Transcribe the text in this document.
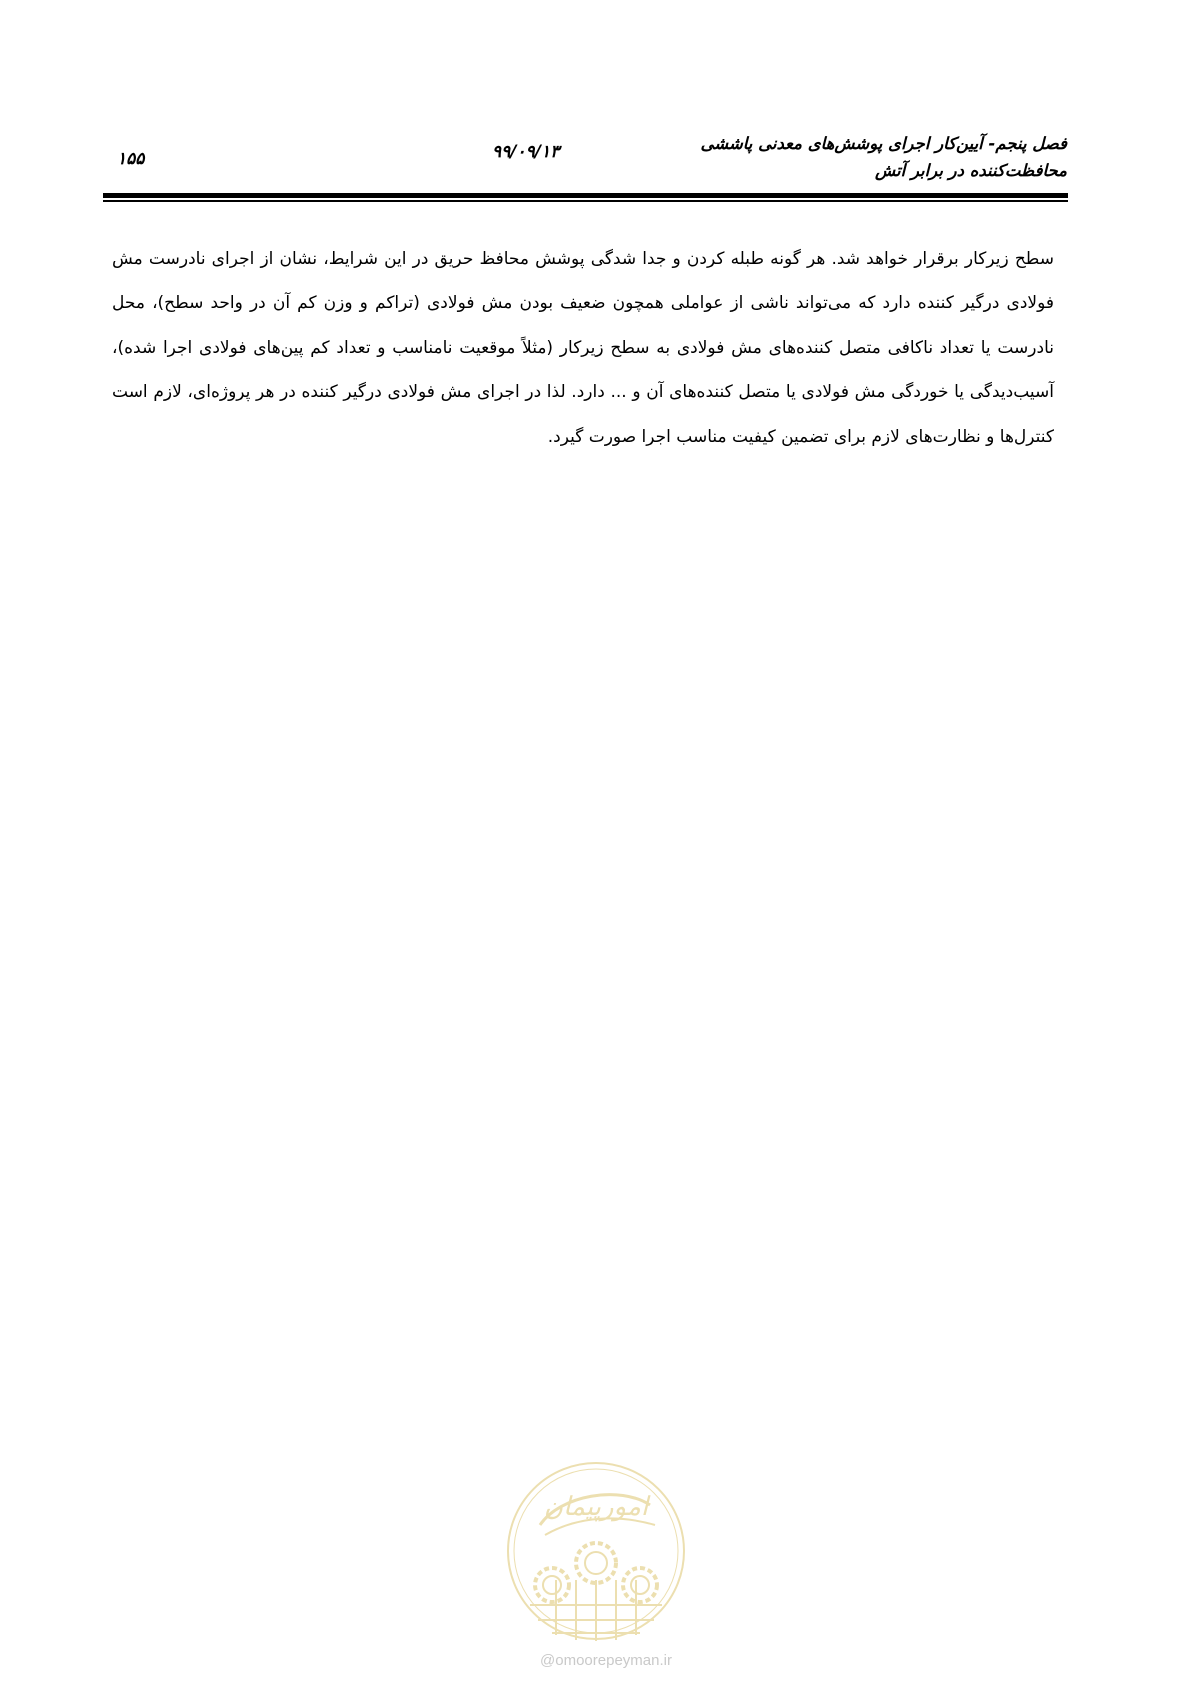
فصل پنجم- آیین‌کار اجرای پوشش‌های معدنی پاششی
محافظت‌کننده در برابر آتش
۹۹/۰۹/۱۳
۱۵۵
سطح زیرکار برقرار خواهد شد. هر گونه طبله کردن و جدا شدگی پوشش محافظ حریق در این شرایط، نشان از اجرای نادرست مش فولادی درگیر کننده دارد که می‌تواند ناشی از عواملی همچون ضعیف بودن مش فولادی (تراکم و وزن کم آن در واحد سطح)، محل نادرست یا تعداد ناکافی متصل کننده‌های مش فولادی به سطح زیرکار (مثلاً موقعیت نامناسب و تعداد کم پین‌های فولادی اجرا شده)، آسیب‌دیدگی یا خوردگی مش فولادی یا متصل کننده‌های آن و ... دارد. لذا در اجرای مش فولادی درگیر کننده در هر پروژه‌ای، لازم است کنترل‌ها و نظارت‌های لازم برای تضمین کیفیت مناسب اجرا صورت گیرد.
امورپیمان
@omoorepeyman.ir
